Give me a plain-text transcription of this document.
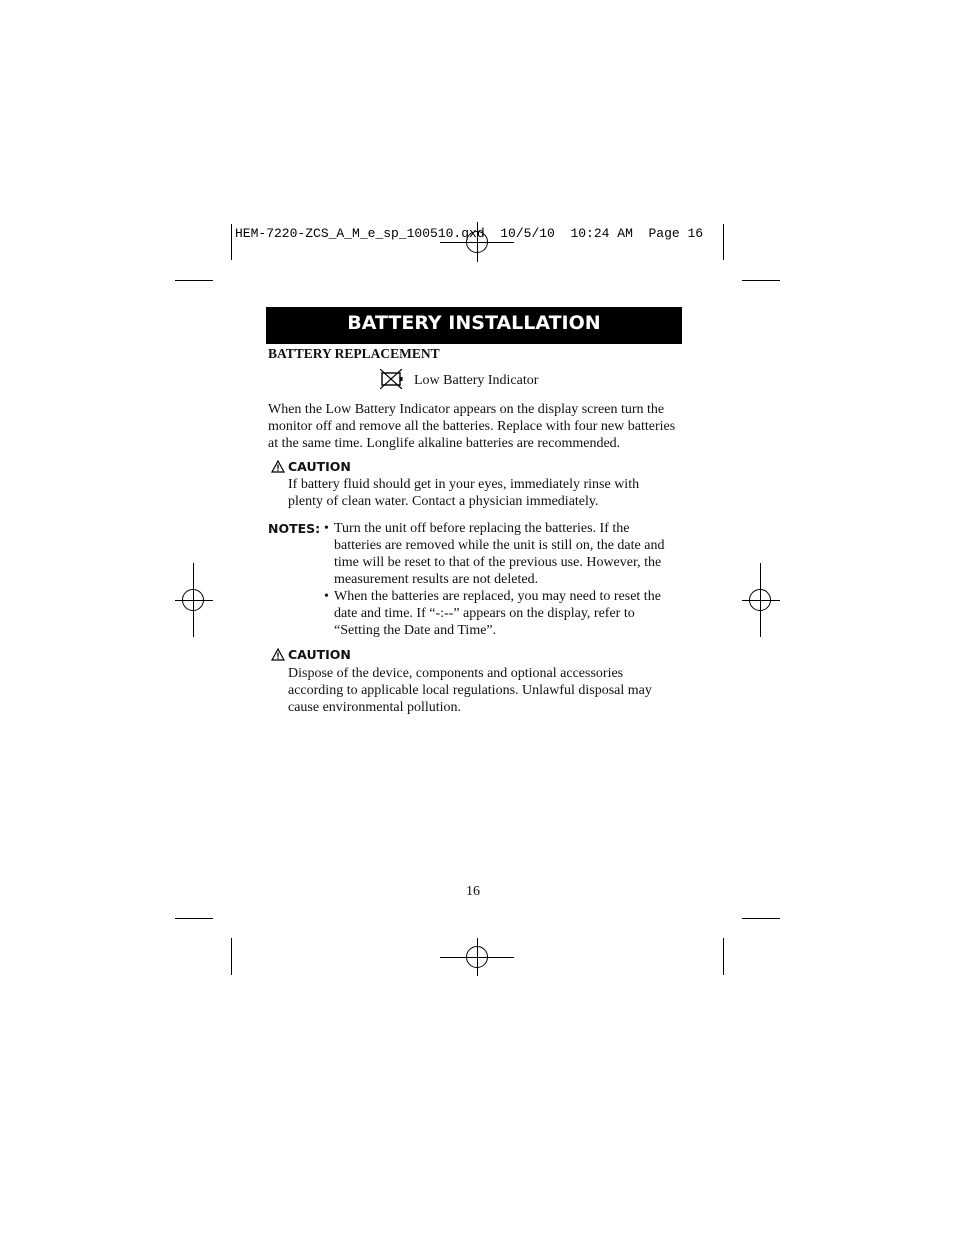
HEM-7220-ZCS_A_M_e_sp_100510.qxd  10/5/10  10:24 AM  Page 16
BATTERY INSTALLATION
BATTERY REPLACEMENT
Low Battery Indicator
When the Low Battery Indicator appears on the display screen turn the monitor off and remove all the batteries. Replace with four new batteries at the same time. Longlife alkaline batteries are recommended.
CAUTION
If battery fluid should get in your eyes, immediately rinse with plenty of clean water. Contact a physician immediately.
NOTES: • Turn the unit off before replacing the batteries. If the batteries are removed while the unit is still on, the date and time will be reset to that of the previous use. However, the measurement results are not deleted.
• When the batteries are replaced, you may need to reset the date and time. If “-:--” appears on the display, refer to “Setting the Date and Time”.
CAUTION
Dispose of the device, components and optional accessories according to applicable local regulations. Unlawful disposal may cause environmental pollution.
16
